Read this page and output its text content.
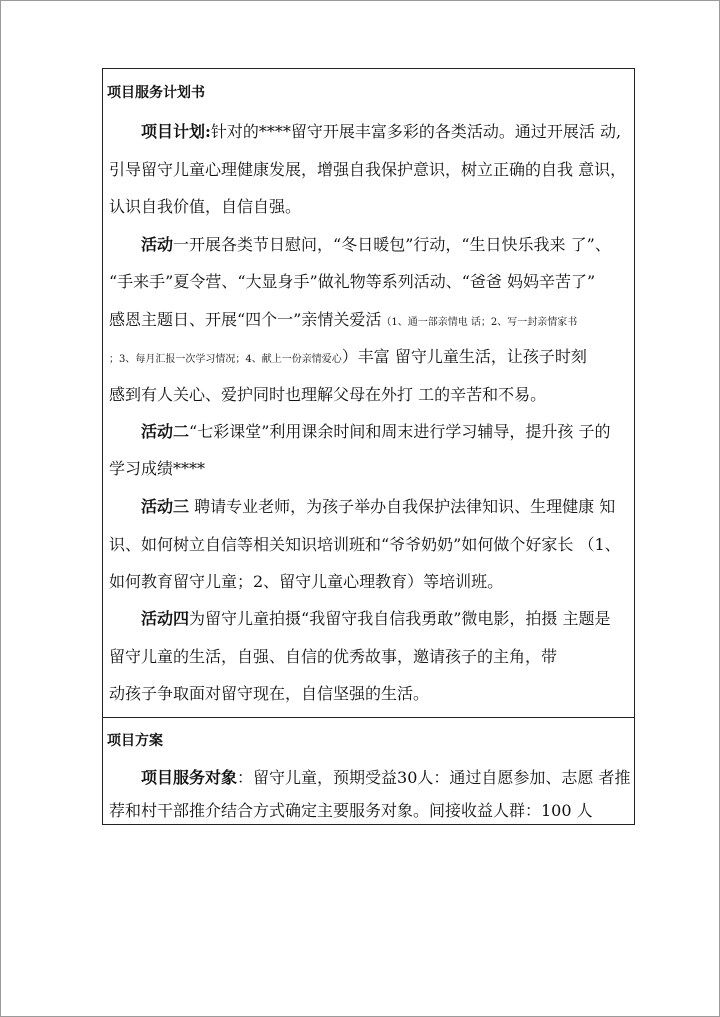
项目服务计划书
项目计划:针对的****留守开展丰富多彩的各类活动。通过开展活 动,
引导留守儿童心理健康发展，增强自我保护意识，树立正确的自我 意识，
认识自我价值，自信自强。
活动一开展各类节日慰问，“冬日暖包”行动，“生日快乐我来 了”、
“手来手”夏令营、“大显身手”做礼物等系列活动、“爸爸 妈妈辛苦了”
感恩主题日、开展“四个一”亲情关爱活（1、通一部亲情电 话；2、写一封亲情家书
；3、每月汇报一次学习情况；4、献上一份亲情爱心）丰富 留守儿童生活，让孩子时刻
感到有人关心、爱护同时也理解父母在外打 工的辛苦和不易。
活动二“七彩课堂”利用课余时间和周末进行学习辅导，提升孩 子的
学习成绩****
活动三 聘请专业老师，为孩子举办自我保护法律知识、生理健康 知
识、如何树立自信等相关知识培训班和“爷爷奶奶”如何做个好家长 （1、
如何教育留守儿童；2、留守儿童心理教育）等培训班。
活动四为留守儿童拍摄“我留守我自信我勇敢”微电影，拍摄 主题是
留守儿童的生活，自强、自信的优秀故事，邀请孩子的主角，带
动孩子争取面对留守现在，自信坚强的生活。
项目方案
项目服务对象：留守儿童，预期受益30人：通过自愿参加、志愿 者推
荐和村干部推介结合方式确定主要服务对象。间接收益人群：100 人
